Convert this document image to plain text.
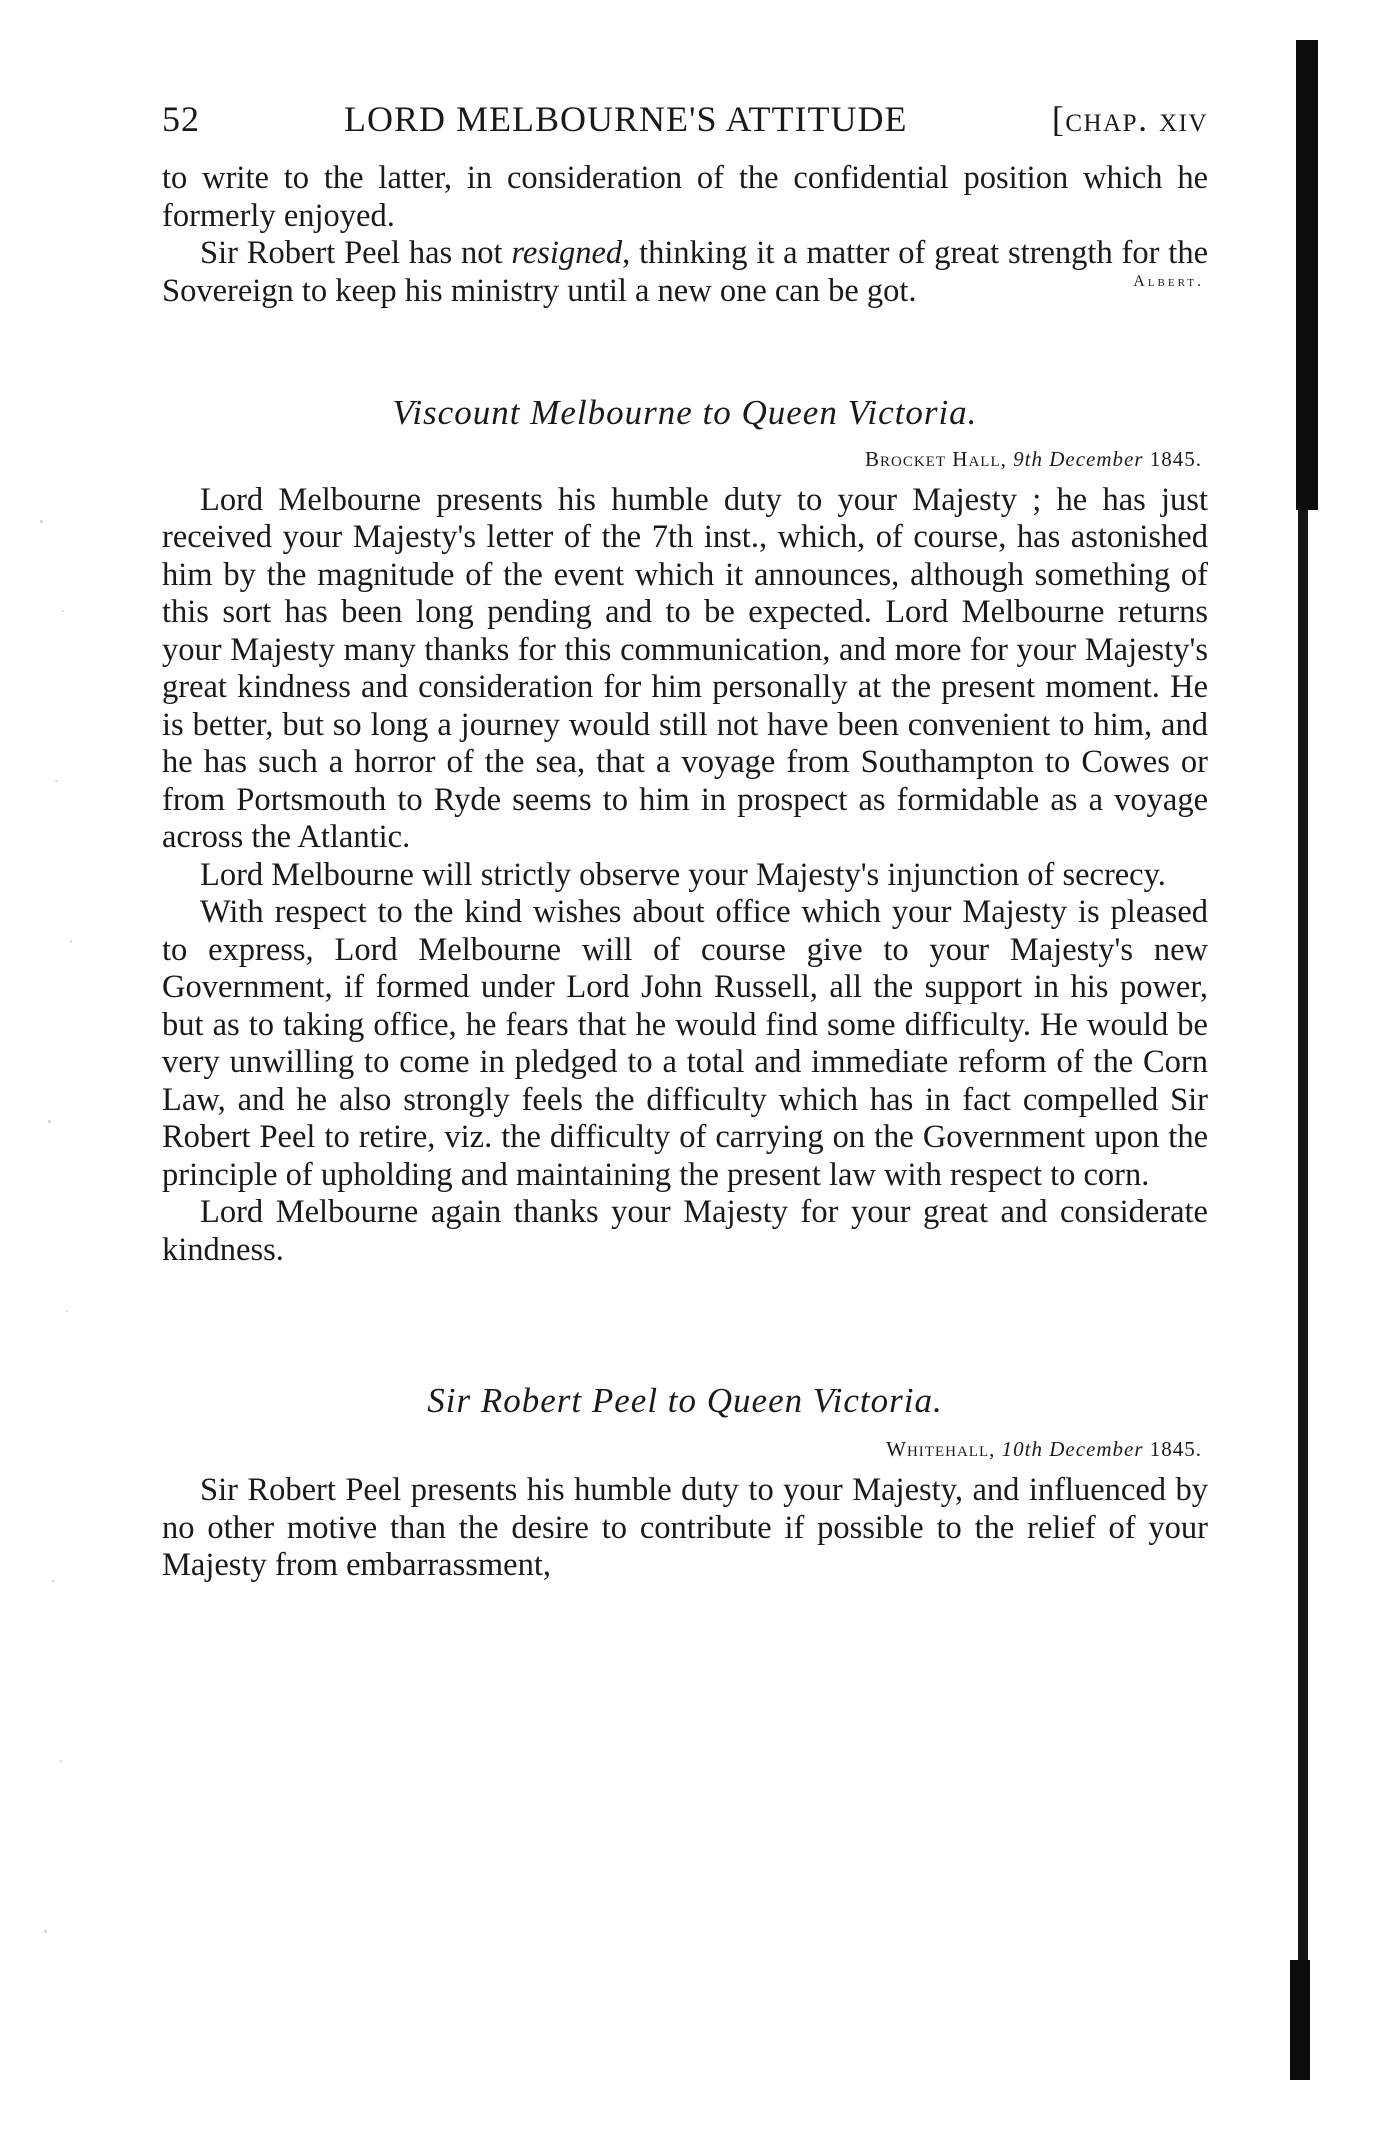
52	LORD MELBOURNE'S ATTITUDE	[chap. xiv

to write to the latter, in consideration of the confidential position which he formerly enjoyed.

Sir Robert Peel has not resigned, thinking it a matter of great strength for the Sovereign to keep his ministry until a new one can be got.	Albert.
Viscount Melbourne to Queen Victoria.
Brocket Hall, 9th December 1845.

Lord Melbourne presents his humble duty to your Majesty ; he has just received your Majesty's letter of the 7th inst., which, of course, has astonished him by the magnitude of the event which it announces, although something of this sort has been long pending and to be expected. Lord Melbourne returns your Majesty many thanks for this communication, and more for your Majesty's great kindness and consideration for him personally at the present moment. He is better, but so long a journey would still not have been convenient to him, and he has such a horror of the sea, that a voyage from Southampton to Cowes or from Portsmouth to Ryde seems to him in prospect as formidable as a voyage across the Atlantic.

Lord Melbourne will strictly observe your Majesty's injunction of secrecy.

With respect to the kind wishes about office which your Majesty is pleased to express, Lord Melbourne will of course give to your Majesty's new Government, if formed under Lord John Russell, all the support in his power, but as to taking office, he fears that he would find some difficulty. He would be very unwilling to come in pledged to a total and immediate reform of the Corn Law, and he also strongly feels the difficulty which has in fact compelled Sir Robert Peel to retire, viz. the difficulty of carrying on the Government upon the principle of upholding and maintaining the present law with respect to corn.

Lord Melbourne again thanks your Majesty for your great and considerate kindness.

Sir Robert Peel to Queen Victoria.
Whitehall, 10th December 1845.

Sir Robert Peel presents his humble duty to your Majesty, and influenced by no other motive than the desire to contribute if possible to the relief of your Majesty from embarrassment,
